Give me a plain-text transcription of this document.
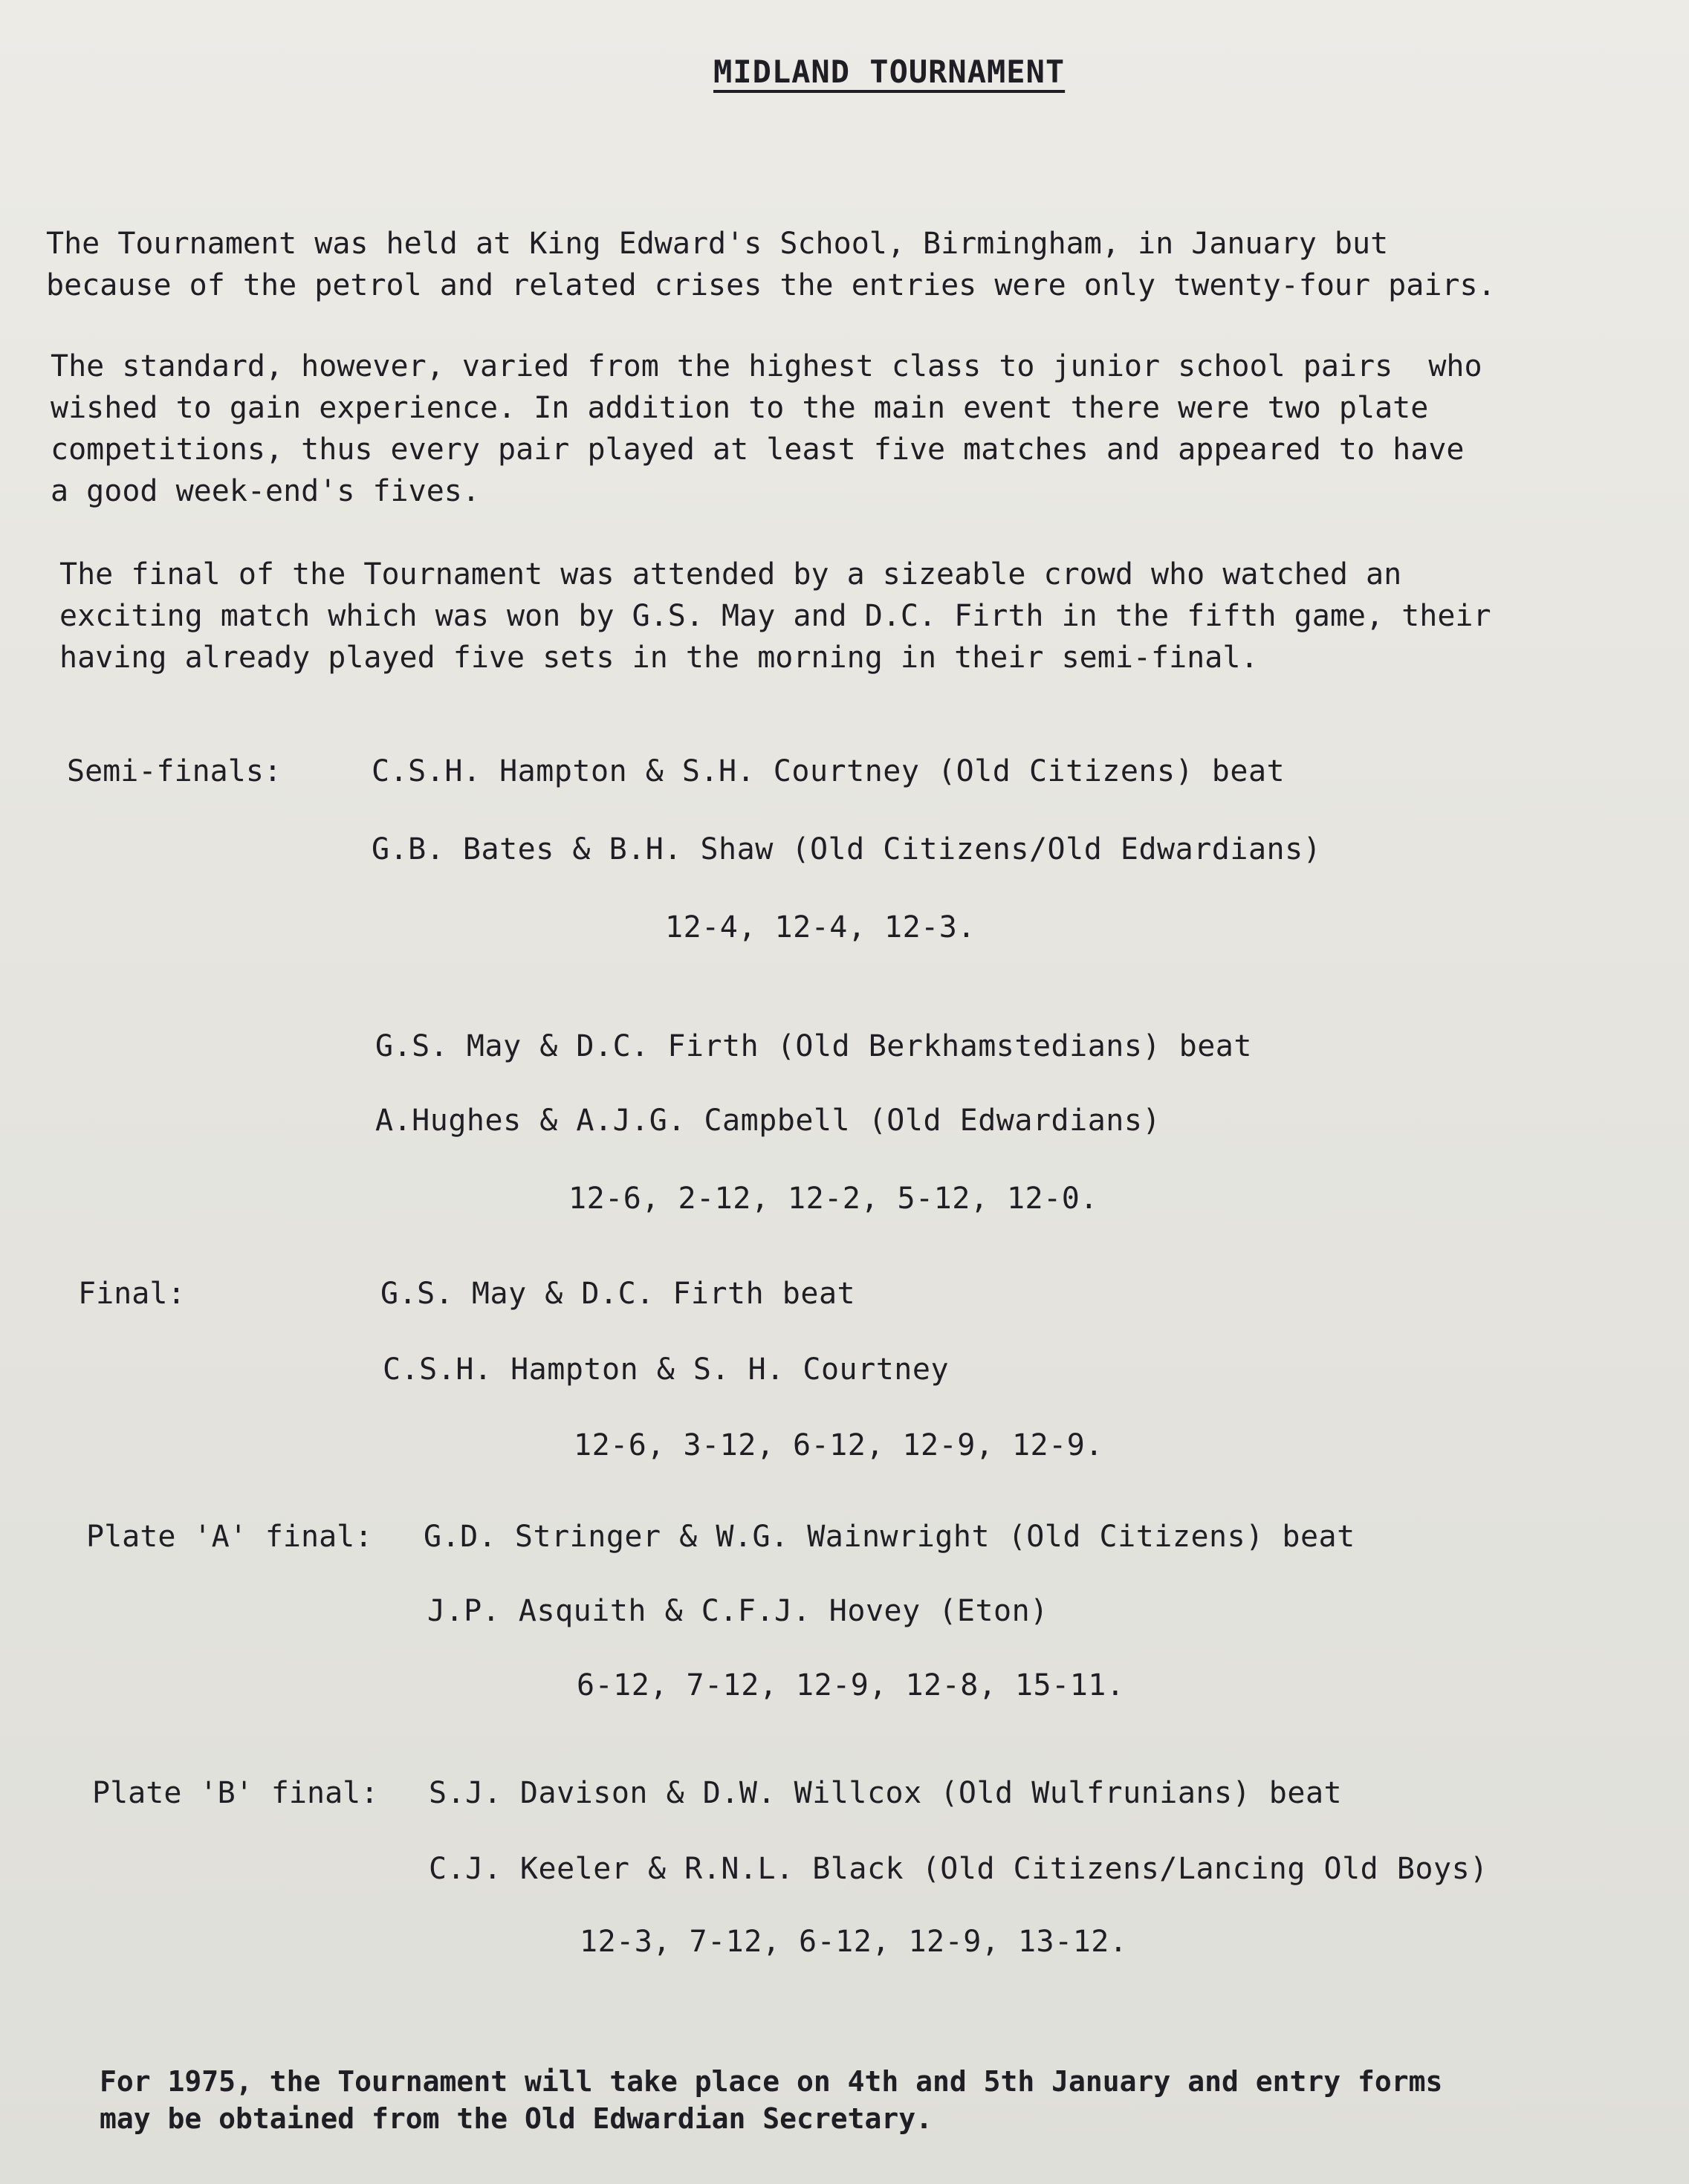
MIDLAND TOURNAMENT

The Tournament was held at King Edward's School, Birmingham, in January but
because of the petrol and related crises the entries were only twenty-four pairs.

The standard, however, varied from the highest class to junior school pairs  who
wished to gain experience. In addition to the main event there were two plate
competitions, thus every pair played at least five matches and appeared to have
a good week-end's fives.

The final of the Tournament was attended by a sizeable crowd who watched an
exciting match which was won by G.S. May and D.C. Firth in the fifth game, their
having already played five sets in the morning in their semi-final.

Semi-finals:	C.S.H. Hampton & S.H. Courtney (Old Citizens) beat
G.B. Bates & B.H. Shaw (Old Citizens/Old Edwardians)
12-4, 12-4, 12-3.
G.S. May & D.C. Firth (Old Berkhamstedians) beat
A.Hughes & A.J.G. Campbell (Old Edwardians)
12-6, 2-12, 12-2, 5-12, 12-0.
Final:	G.S. May & D.C. Firth beat
C.S.H. Hampton & S. H. Courtney
12-6, 3-12, 6-12, 12-9, 12-9.
Plate 'A' final: G.D. Stringer & W.G. Wainwright (Old Citizens) beat
J.P. Asquith & C.F.J. Hovey (Eton)
6-12, 7-12, 12-9, 12-8, 15-11.
Plate 'B' final: S.J. Davison & D.W. Willcox (Old Wulfrunians) beat
C.J. Keeler & R.N.L. Black (Old Citizens/Lancing Old Boys)
12-3, 7-12, 6-12, 12-9, 13-12.

For 1975, the Tournament will take place on 4th and 5th January and entry forms
may be obtained from the Old Edwardian Secretary.
